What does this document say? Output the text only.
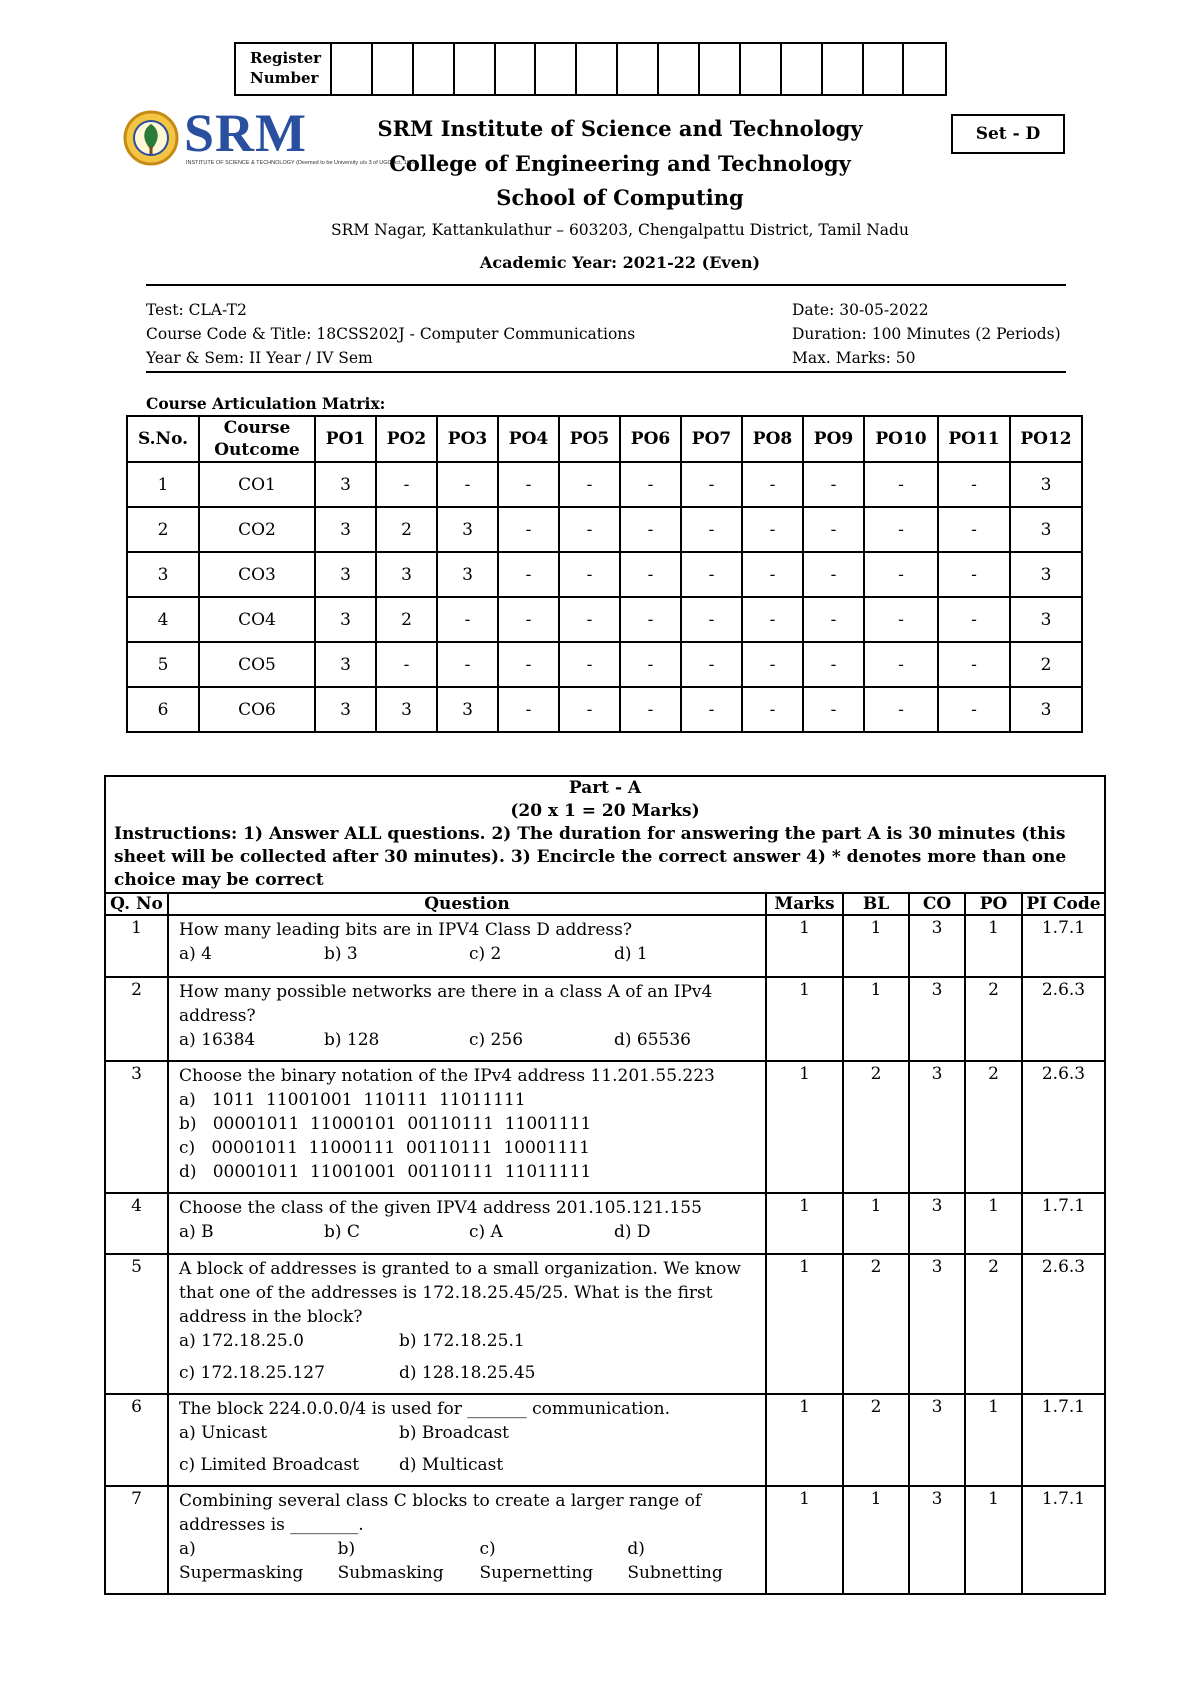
Register
Number
SRM
INSTITUTE OF SCIENCE & TECHNOLOGY (Deemed to be University u/s 3 of UGC Act, 1956)
Set - D
SRM Institute of Science and Technology
College of Engineering and Technology
School of Computing
SRM Nagar, Kattankulathur – 603203, Chengalpattu District, Tamil Nadu
Academic Year: 2021-22 (Even)
Test: CLA-T2
Course Code & Title: 18CSS202J - Computer Communications
Year & Sem: II Year / IV Sem
Date: 30-05-2022
Duration: 100 Minutes (2 Periods)
Max. Marks: 50
Course Articulation Matrix:
S.No.	Course Outcome	PO1	PO2	PO3	PO4	PO5	PO6	PO7	PO8	PO9	PO10	PO11	PO12
1	CO1	3	-	-	-	-	-	-	-	-	-	-	3
2	CO2	3	2	3	-	-	-	-	-	-	-	-	3
3	CO3	3	3	3	-	-	-	-	-	-	-	-	3
4	CO4	3	2	-	-	-	-	-	-	-	-	-	3
5	CO5	3	-	-	-	-	-	-	-	-	-	-	2
6	CO6	3	3	3	-	-	-	-	-	-	-	-	3
Part - A
(20 x 1 = 20 Marks)
Instructions: 1) Answer ALL questions. 2) The duration for answering the part A is 30 minutes (this sheet will be collected after 30 minutes). 3) Encircle the correct answer 4) * denotes more than one choice may be correct
Q. No	Question	Marks	BL	CO	PO	PI Code
1	How many leading bits are in IPV4 Class D address?
a) 4 b) 3 c) 2 d) 1	1	1	3	1	1.7.1
2	How many possible networks are there in a class A of an IPv4 address?
a) 16384 b) 128 c) 256 d) 65536	1	1	3	2	2.6.3
3	Choose the binary notation of the IPv4 address 11.201.55.223
a)   1011  11001001  110111  11011111
b)   00001011  11000101  00110111  11001111
c)   00001011  11000111  00110111  10001111
d)   00001011  11001001  00110111  11011111	1	2	3	2	2.6.3
4	Choose the class of the given IPV4 address 201.105.121.155
a) B b) C c) A d) D	1	1	3	1	1.7.1
5	A block of addresses is granted to a small organization. We know that one of the addresses is 172.18.25.45/25. What is the first address in the block?
a) 172.18.25.0 b) 172.18.25.1
c) 172.18.25.127 d) 128.18.25.45	1	2	3	2	2.6.3
6	The block 224.0.0.0/4 is used for _______ communication.
a) Unicast b) Broadcast
c) Limited Broadcast d) Multicast	1	2	3	1	1.7.1
7	Combining several class C blocks to create a larger range of addresses is ________.
a) Supermasking
b) Submasking
c) Supernetting
d) Subnetting	1	1	3	1	1.7.1
